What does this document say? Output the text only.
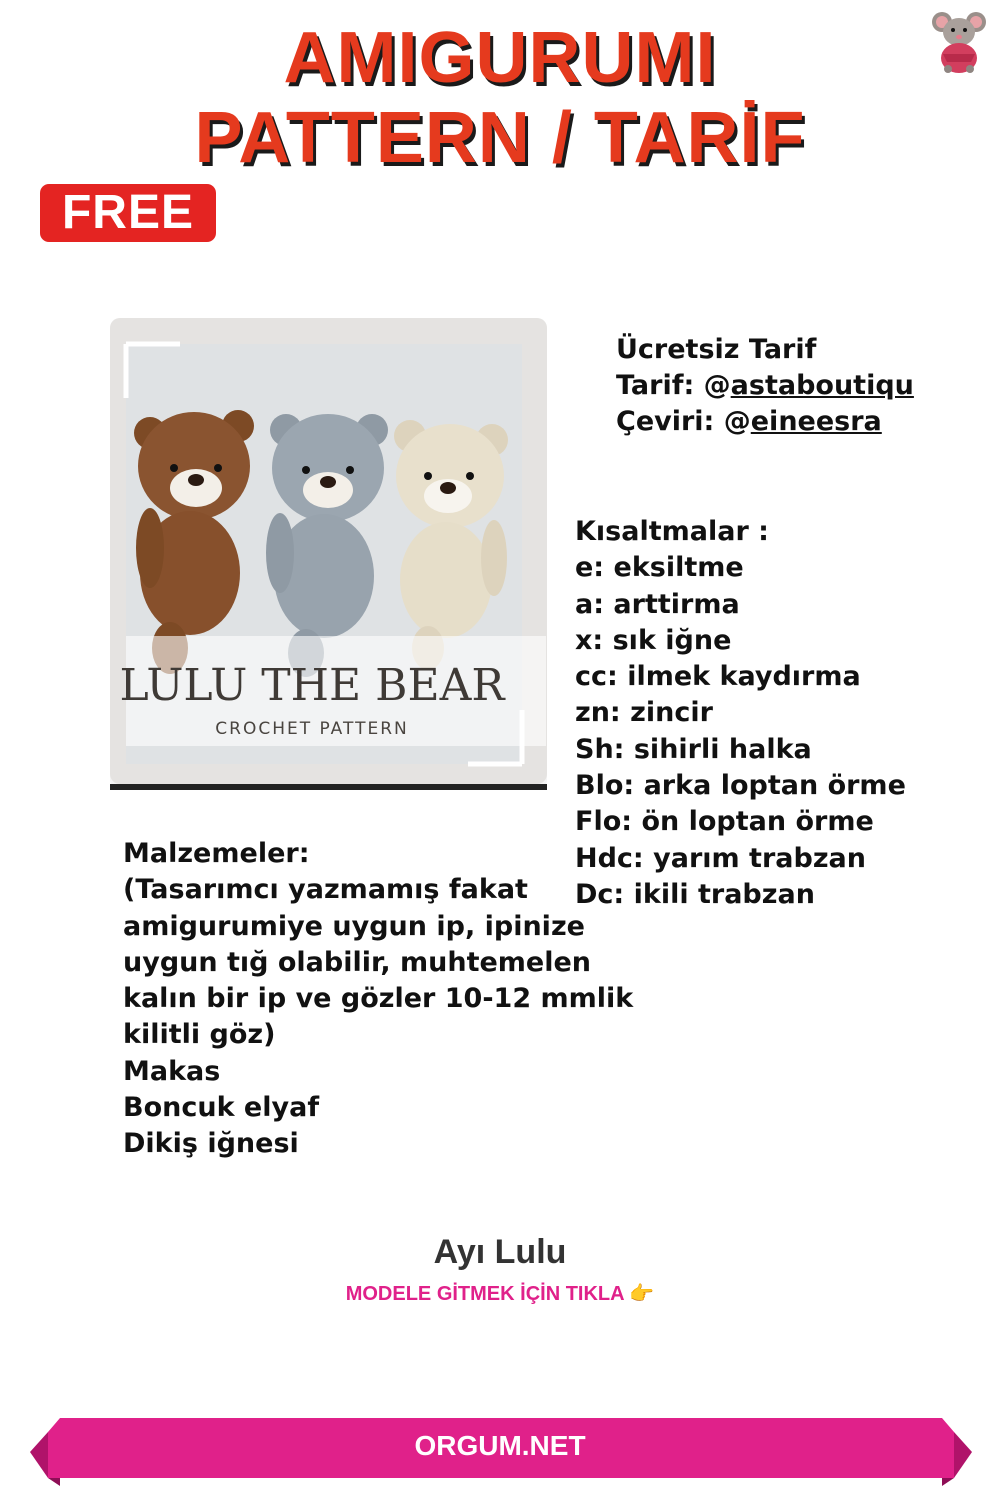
AMIGURUMI
PATTERN / TARİF
FREE
LULU THE BEAR
CROCHET PATTERN
Ücretsiz Tarif
Tarif: @astaboutiqu
Çeviri: @eineesra
Kısaltmalar :
e: eksiltme
a: arttirma
x: sık iğne
cc: ilmek kaydırma
zn: zincir
Sh: sihirli halka
Blo: arka loptan örme
Flo: ön loptan örme
Hdc: yarım trabzan
Dc: ikili trabzan
Malzemeler:
(Tasarımcı yazmamış fakat
amigurumiye uygun ip, ipinize
uygun tığ olabilir, muhtemelen
kalın bir ip ve gözler 10-12 mmlik
kilitli göz)
Makas
Boncuk elyaf
Dikiş iğnesi
Ayı Lulu
MODELE GİTMEK İÇİN TIKLA 👉
ORGUM.NET
